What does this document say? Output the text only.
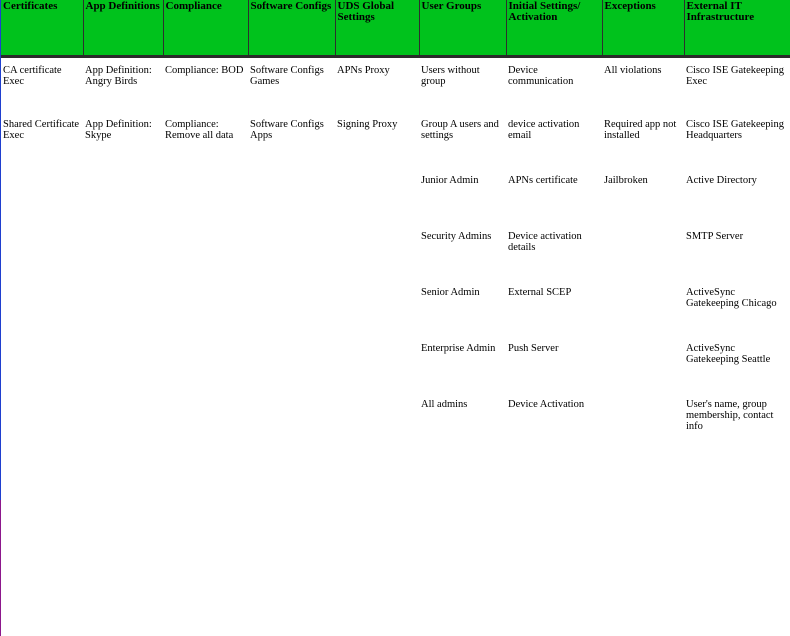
Certificates	App Definitions	Compliance	Software Configs	UDS Global Settings	User Groups	Initial Settings/ Activation	Exceptions	External IT Infrastructure
CA certificate Exec	App Definition: Angry Birds	Compliance: BOD	Software Configs Games	APNs Proxy	Users without group	Device communication	All violations	Cisco ISE Gatekeeping Exec
Shared Certificate Exec	App Definition: Skype	Compliance: Remove all data	Software Configs Apps	Signing Proxy	Group A users and settings	device activation email	Required app not installed	Cisco ISE Gatekeeping Headquarters
					Junior Admin	APNs certificate	Jailbroken	Active Directory
					Security Admins	Device activation details		SMTP Server
					Senior Admin	External SCEP		ActiveSync Gatekeeping Chicago
					Enterprise Admin	Push Server		ActiveSync Gatekeeping Seattle
					All admins	Device Activation		User's name, group membership, contact info
